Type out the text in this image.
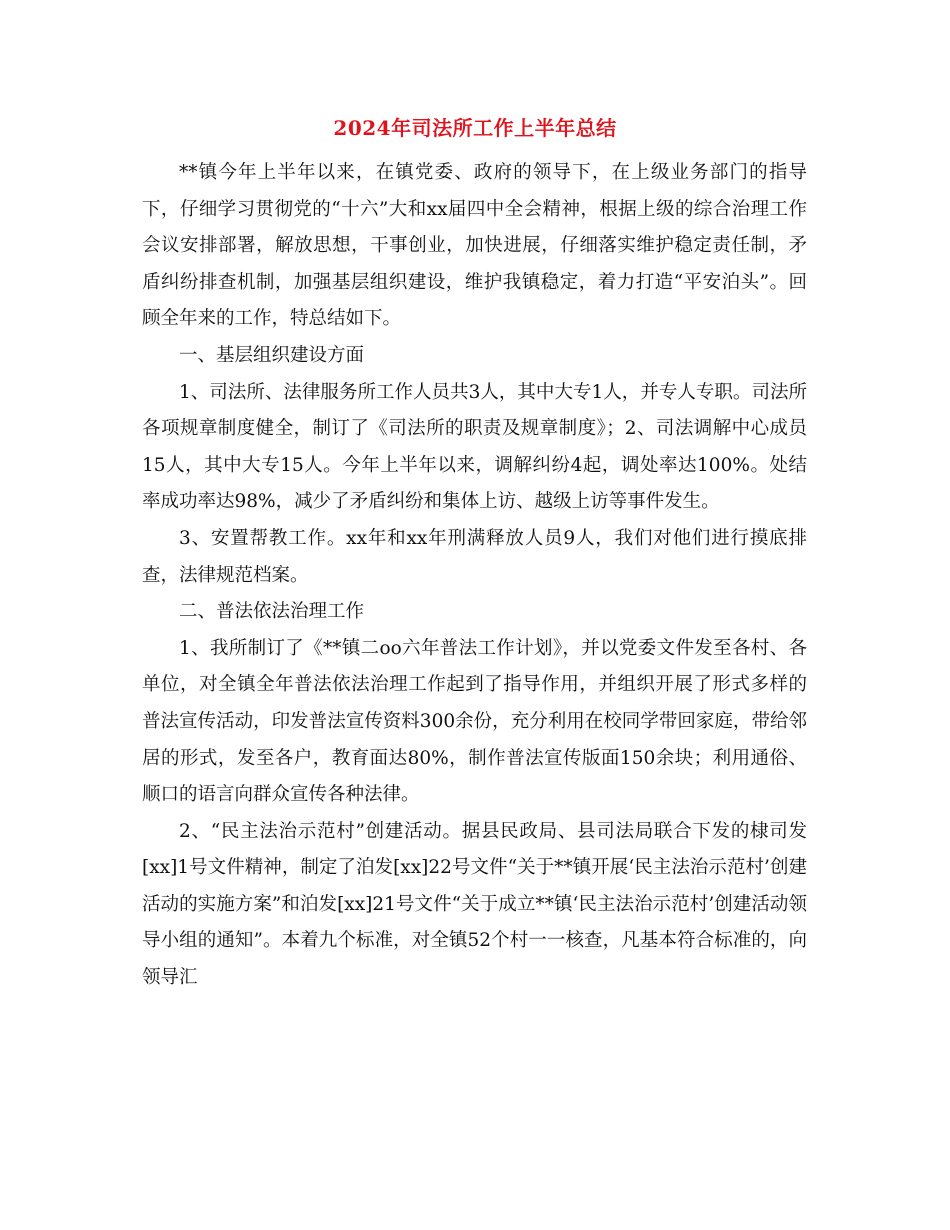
2024年司法所工作上半年总结

**镇今年上半年以来，在镇党委、政府的领导下，在上级业务部门的指导下，仔细学习贯彻党的“十六”大和xx届四中全会精神，根据上级的综合治理工作会议安排部署，解放思想，干事创业，加快进展，仔细落实维护稳定责任制，矛盾纠纷排查机制，加强基层组织建设，维护我镇稳定，着力打造“平安泊头”。回顾全年来的工作，特总结如下。

一、基层组织建设方面

1、司法所、法律服务所工作人员共3人，其中大专1人，并专人专职。司法所各项规章制度健全，制订了《司法所的职责及规章制度》；2、司法调解中心成员15人，其中大专15人。今年上半年以来，调解纠纷4起，调处率达100%。处结率成功率达98%，减少了矛盾纠纷和集体上访、越级上访等事件发生。

3、安置帮教工作。xx年和xx年刑满释放人员9人，我们对他们进行摸底排查，法律规范档案。

二、普法依法治理工作

1、我所制订了《**镇二oo六年普法工作计划》，并以党委文件发至各村、各单位，对全镇全年普法依法治理工作起到了指导作用，并组织开展了形式多样的普法宣传活动，印发普法宣传资料300余份，充分利用在校同学带回家庭，带给邻居的形式，发至各户，教育面达80%，制作普法宣传版面150余块；利用通俗、顺口的语言向群众宣传各种法律。

2、“民主法治示范村”创建活动。据县民政局、县司法局联合下发的棣司发[xx]1号文件精神，制定了泊发[xx]22号文件“关于**镇开展‘民主法治示范村’创建活动的实施方案”和泊发[xx]21号文件“关于成立**镇‘民主法治示范村’创建活动领导小组的通知”。本着九个标准，对全镇52个村一一核查，凡基本符合标准的，向领导汇
